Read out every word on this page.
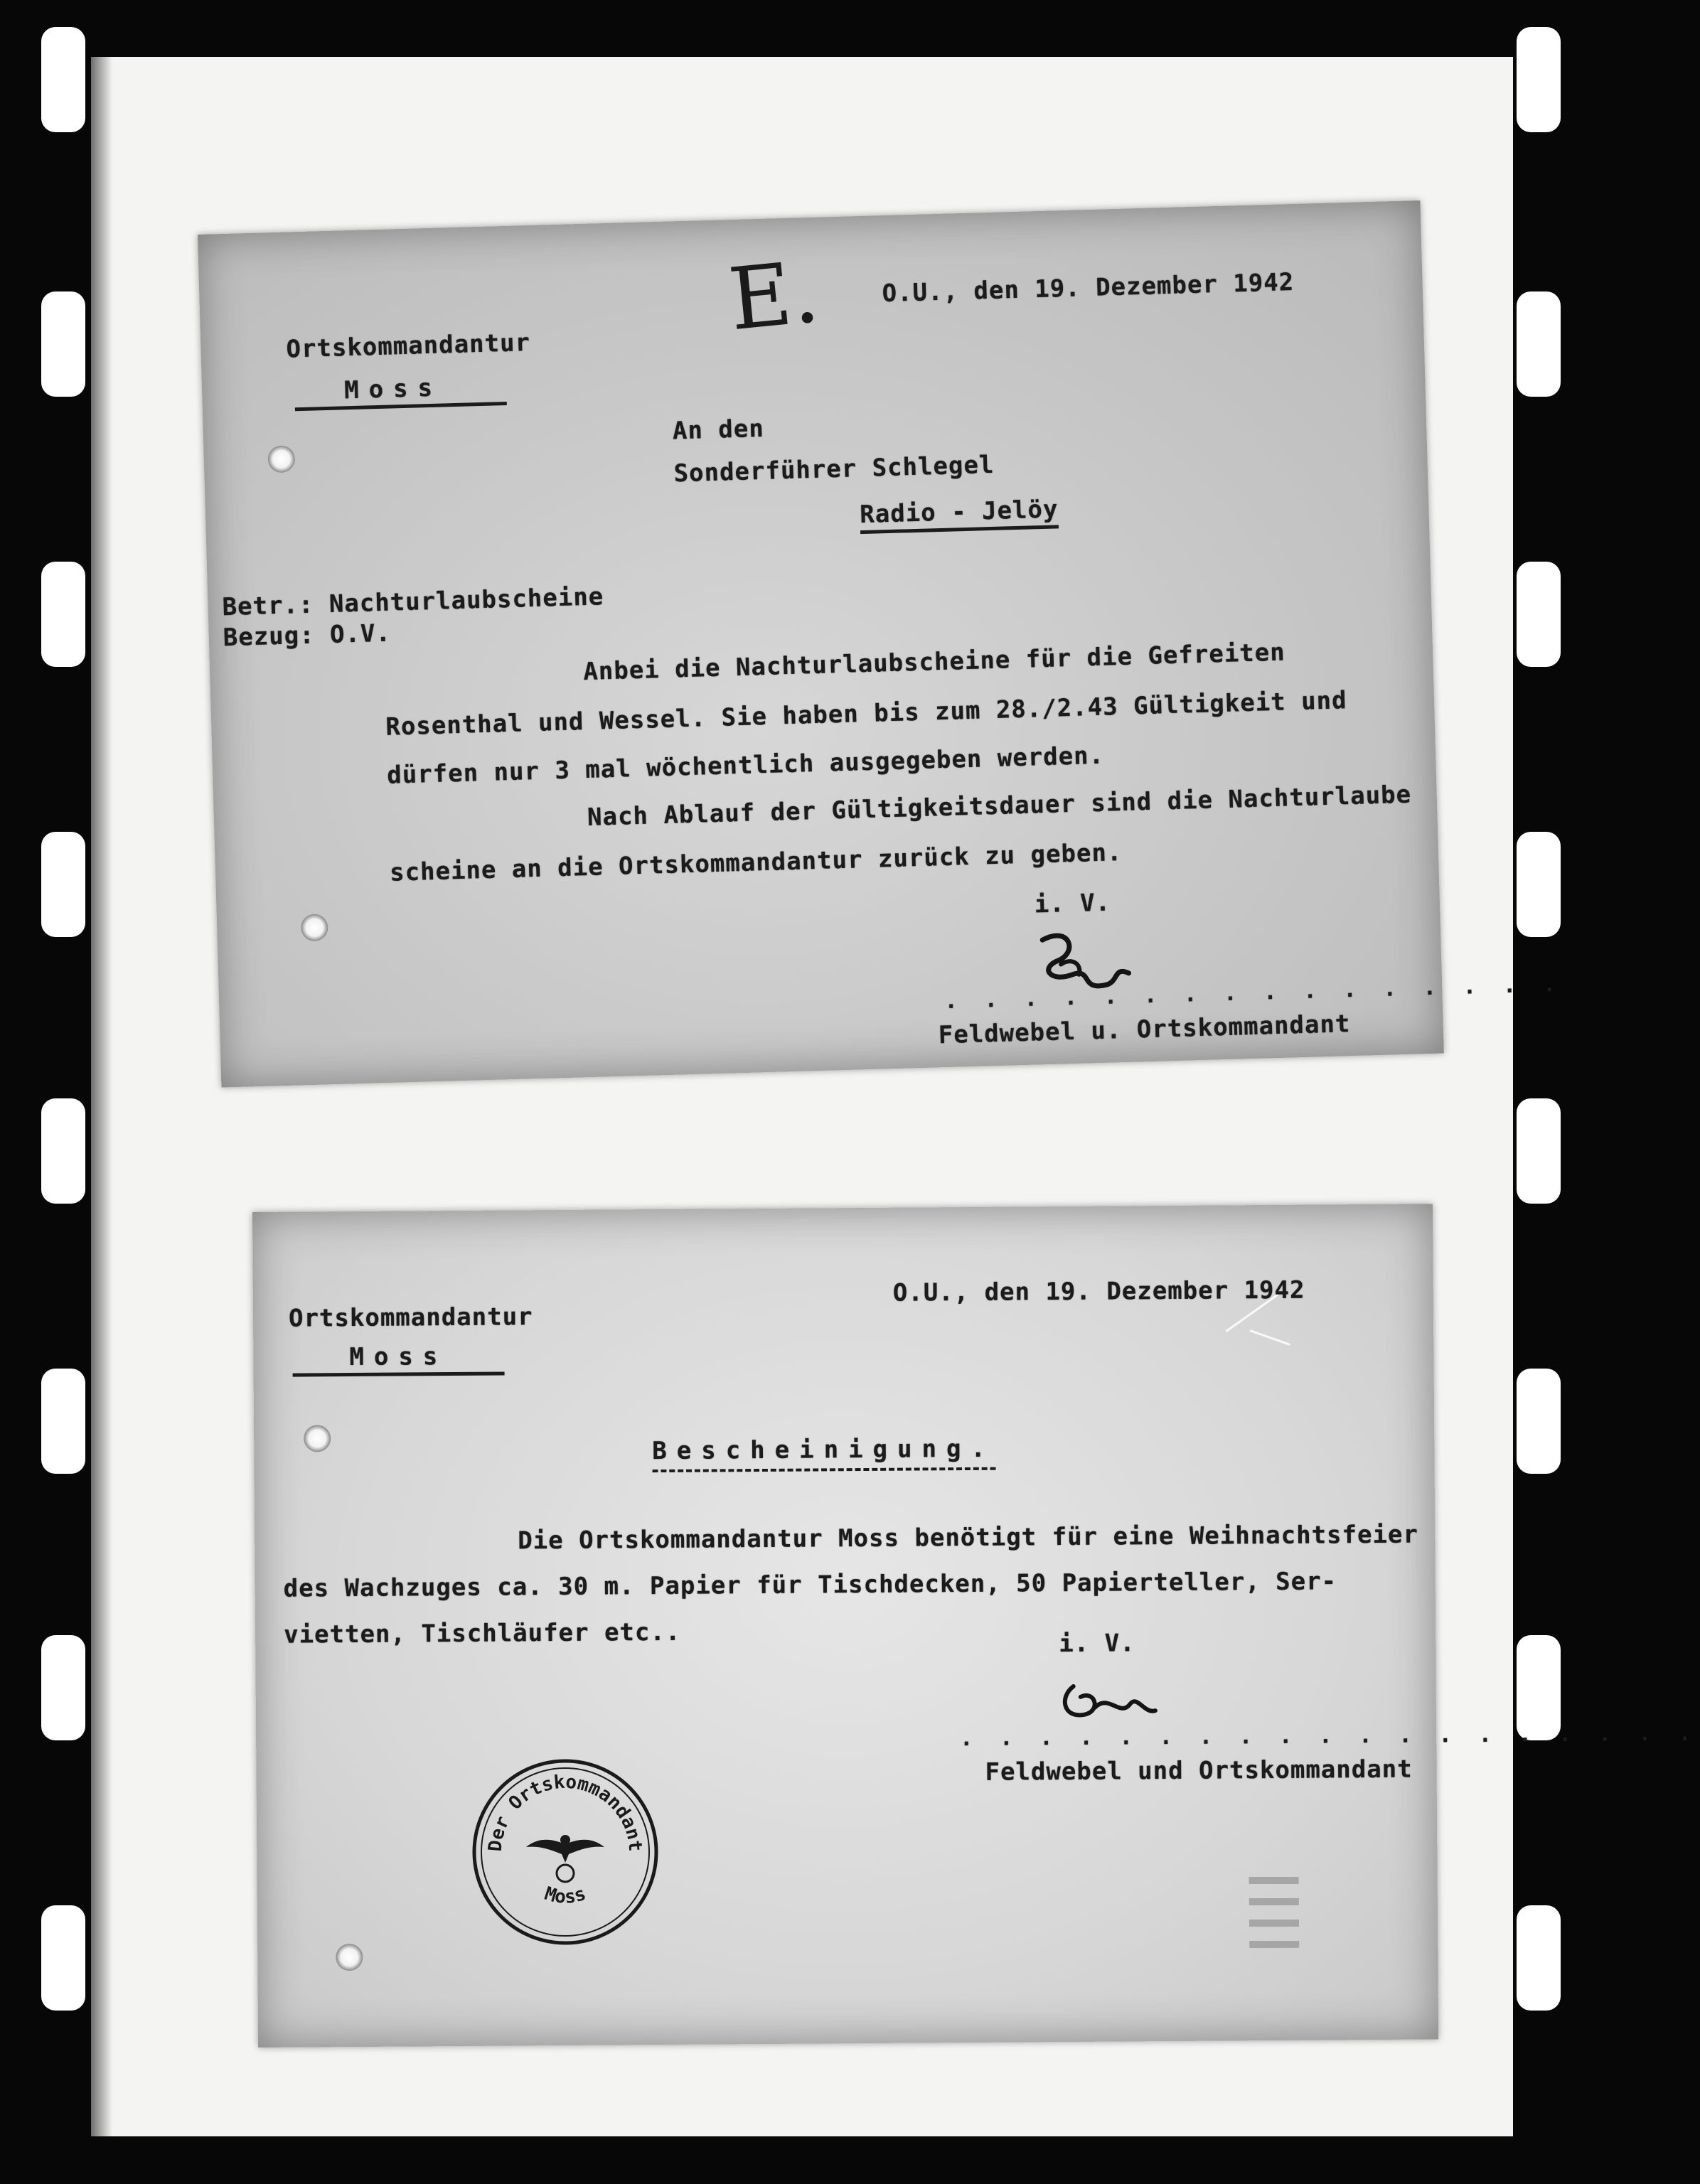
E. O.U., den 19. Dezember 1942
Ortskommandantur
Moss
An den
Sonderführer Schlegel
Radio - Jelöy
Betr.: Nachturlaubscheine
Bezug: O.V.
Anbei die Nachturlaubscheine für die Gefreiten
Rosenthal und Wessel. Sie haben bis zum 28./2.43 Gültigkeit und
dürfen nur 3 mal wöchentlich ausgegeben werden.
Nach Ablauf der Gültigkeitsdauer sind die Nachturlaube
scheine an die Ortskommandantur zurück zu geben.
i. V.
. . . . . . . . . . . . . . . .
Feldwebel u. Ortskommandant
O.U., den 19. Dezember 1942
Ortskommandantur
Moss
Bescheinigung.
Die Ortskommandantur Moss benötigt für eine Weihnachtsfeier
des Wachzuges ca. 30 m. Papier für Tischdecken, 50 Papierteller, Ser-
vietten, Tischläufer etc..	i. V.
. . . . . . . . . . . . . . . . . . .
Feldwebel und Ortskommandant
Der Ortskommandant
Moss
